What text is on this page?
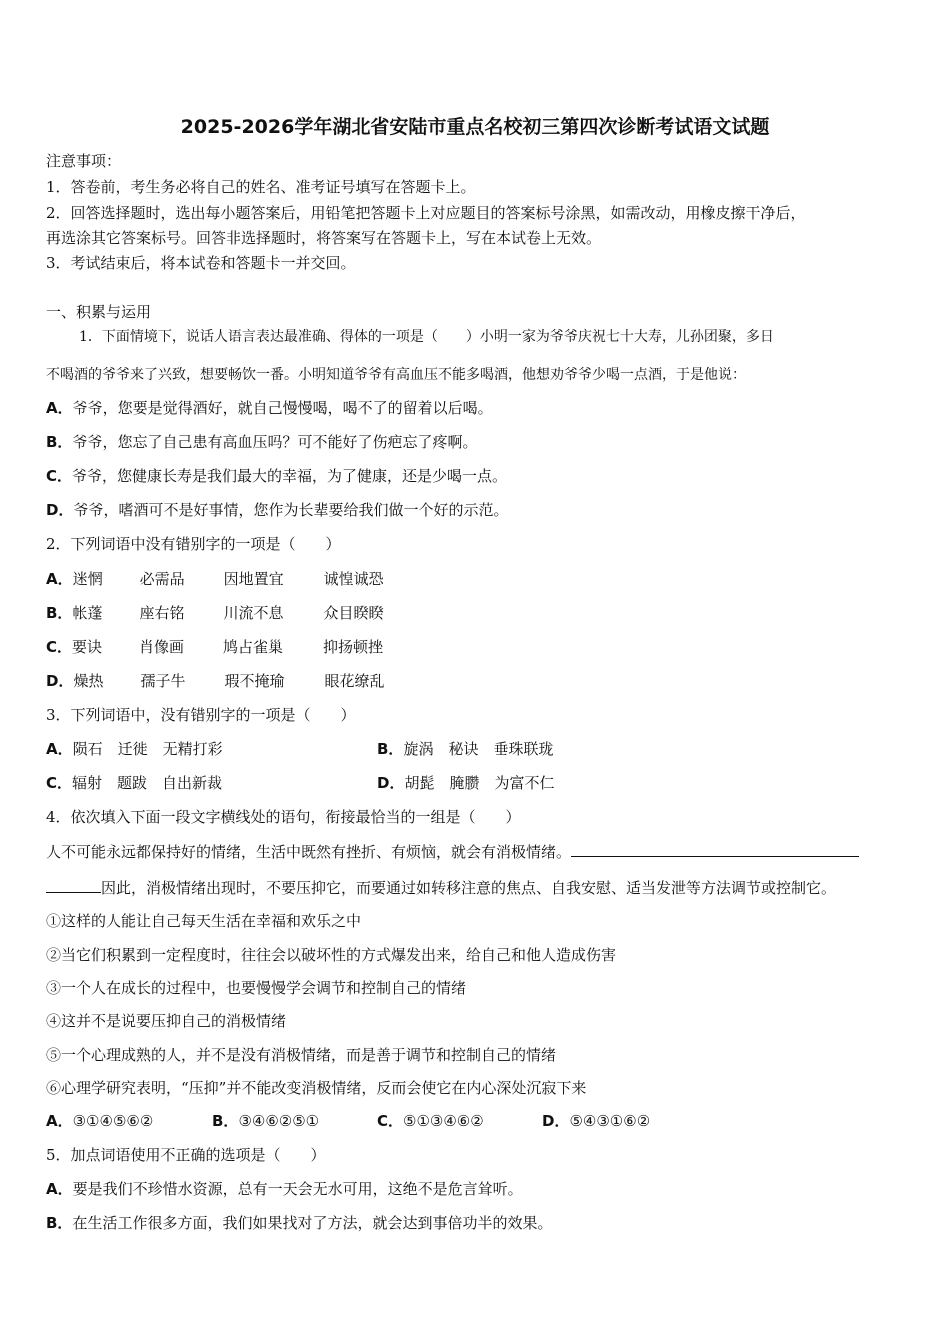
2025-2026学年湖北省安陆市重点名校初三第四次诊断考试语文试题
注意事项：
1．答卷前，考生务必将自己的姓名、准考证号填写在答题卡上。
2．回答选择题时，选出每小题答案后，用铅笔把答题卡上对应题目的答案标号涂黑，如需改动，用橡皮擦干净后，
再选涂其它答案标号。回答非选择题时，将答案写在答题卡上，写在本试卷上无效。
3．考试结束后，将本试卷和答题卡一并交回。
一、积累与运用
1．下面情境下，说话人语言表达最准确、得体的一项是（　　）小明一家为爷爷庆祝七十大寿，儿孙团聚，多日
不喝酒的爷爷来了兴致，想要畅饮一番。小明知道爷爷有高血压不能多喝酒，他想劝爷爷少喝一点酒，于是他说：
A．爷爷，您要是觉得酒好，就自己慢慢喝，喝不了的留着以后喝。
B．爷爷，您忘了自己患有高血压吗？可不能好了伤疤忘了疼啊。
C．爷爷，您健康长寿是我们最大的幸福，为了健康，还是少喝一点。
D．爷爷，嗜酒可不是好事情，您作为长辈要给我们做一个好的示范。
2．下列词语中没有错别字的一项是（　　）
A．迷惘 必需品	因地置宜	诚惶诚恐
B．帐蓬 座右铭	川流不息	众目睽睽
C．要诀 肖像画	鸠占雀巢	抑扬顿挫
D．燥热 孺子牛	瑕不掩瑜	眼花缭乱
3．下列词语中，没有错别字的一项是（　　）
A．陨石　迁徙　无精打彩	B．旋涡　秘诀　垂珠联珑
C．辐射　题跋　自出新裁	D．胡髭　腌臜　为富不仁
4．依次填入下面一段文字横线处的语句，衔接最恰当的一组是（　　）
人不可能永远都保持好的情绪，生活中既然有挫折、有烦恼，就会有消极情绪。
因此，消极情绪出现时，不要压抑它，而要通过如转移注意的焦点、自我安慰、适当发泄等方法调节或控制它。
①这样的人能让自己每天生活在幸福和欢乐之中
②当它们积累到一定程度时，往往会以破坏性的方式爆发出来，给自己和他人造成伤害
③一个人在成长的过程中，也要慢慢学会调节和控制自己的情绪
④这并不是说要压抑自己的消极情绪
⑤一个心理成熟的人，并不是没有消极情绪，而是善于调节和控制自己的情绪
⑥心理学研究表明，“压抑”并不能改变消极情绪，反而会使它在内心深处沉寂下来
A．③①④⑤⑥②	B．③④⑥②⑤①	C．⑤①③④⑥②	D．⑤④③①⑥②
5．加点词语使用不正确的选项是（　　）
A．要是我们不珍惜水资源，总有一天会无水可用，这绝不是危言耸听。
B．在生活工作很多方面，我们如果找对了方法，就会达到事倍功半的效果。
